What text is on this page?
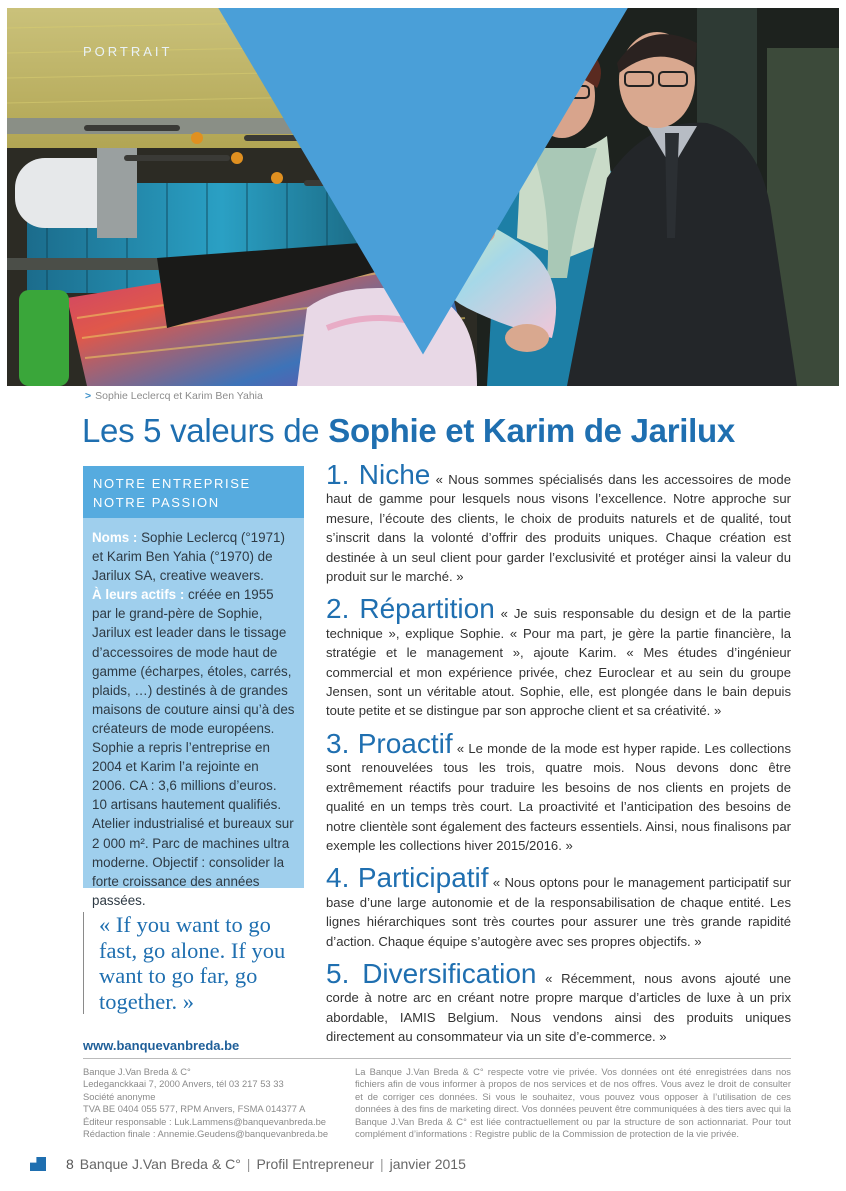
PORTRAIT
> Sophie Leclercq et Karim Ben Yahia
Les 5 valeurs de Sophie et Karim de Jarilux
NOTRE ENTREPRISE
NOTRE PASSION

Noms : Sophie Leclercq (°1971) et Karim Ben Yahia (°1970) de Jarilux SA, creative weavers.

À leurs actifs : créée en 1955 par le grand-père de Sophie, Jarilux est leader dans le tissage d’accessoires de mode haut de gamme (écharpes, étoles, carrés, plaids, …) destinés à de grandes maisons de couture ainsi qu’à des créateurs de mode européens. Sophie a repris l’entreprise en 2004 et Karim l’a rejointe en 2006. CA : 3,6 millions d’euros. 10 artisans hautement qualifiés. Atelier industrialisé et bureaux sur 2 000 m². Parc de machines ultra moderne. Objectif : consolider la forte croissance des années passées.

« If you want to go fast, go alone. If you want to go far, go together. »

1. Niche « Nous sommes spécialisés dans les accessoires de mode haut de gamme pour lesquels nous visons l’excellence. Notre approche sur mesure, l’écoute des clients, le choix de produits naturels et de qualité, tout s’inscrit dans la volonté d’offrir des produits uniques. Chaque création est destinée à un seul client pour garder l’exclusivité et protéger ainsi la valeur du produit sur le marché. »

2. Répartition « Je suis responsable du design et de la partie technique », explique Sophie. « Pour ma part, je gère la partie financière, la stratégie et le management », ajoute Karim. « Mes études d’ingénieur commercial et mon expérience privée, chez Euroclear et au sein du groupe Jensen, sont un véritable atout. Sophie, elle, est plongée dans le bain depuis toute petite et se distingue par son approche client et sa créativité. »

3. Proactif « Le monde de la mode est hyper rapide. Les collections sont renouvelées tous les trois, quatre mois. Nous devons donc être extrêmement réactifs pour traduire les besoins de nos clients en projets de qualité en un temps très court. La proactivité et l’anticipation des besoins de notre clientèle sont également des facteurs essentiels. Ainsi, nous finalisons par exemple les collections hiver 2015/2016. »

4. Participatif « Nous optons pour le management participatif sur base d’une large autonomie et de la responsabilisation de chaque entité. Les lignes hiérarchiques sont très courtes pour assurer une très grande rapidité d’action. Chaque équipe s’autogère avec ses propres objectifs. »

5. Diversification « Récemment, nous avons ajouté une corde à notre arc en créant notre propre marque d’articles de luxe à un prix abordable, IAMIS Belgium. Nous vendons ainsi des produits uniques directement au consommateur via un site d’e-commerce. »

www.banquevanbreda.be
Banque J.Van Breda & C°
Ledeganckkaai 7, 2000 Anvers, tél 03 217 53 33
Société anonyme
TVA BE 0404 055 577, RPM Anvers, FSMA 014377 A
Éditeur responsable : Luk.Lammens@banquevanbreda.be
Rédaction finale : Annemie.Geudens@banquevanbreda.be
La Banque J.Van Breda & C° respecte votre vie privée. Vos données ont été enregistrées dans nos fichiers afin de vous informer à propos de nos services et de nos offres. Vous avez le droit de consulter et de corriger ces données. Si vous le souhaitez, vous pouvez vous opposer à l’utilisation de ces données à des fins de marketing direct. Vos données peuvent être communiquées à des tiers avec qui la Banque J.Van Breda & C° est liée contractuellement ou par la structure de son actionnariat. Pour tout complément d’informations : Registre public de la Commission de protection de la vie privée.
8 Banque J.Van Breda & C° | Profil Entrepreneur | janvier 2015
